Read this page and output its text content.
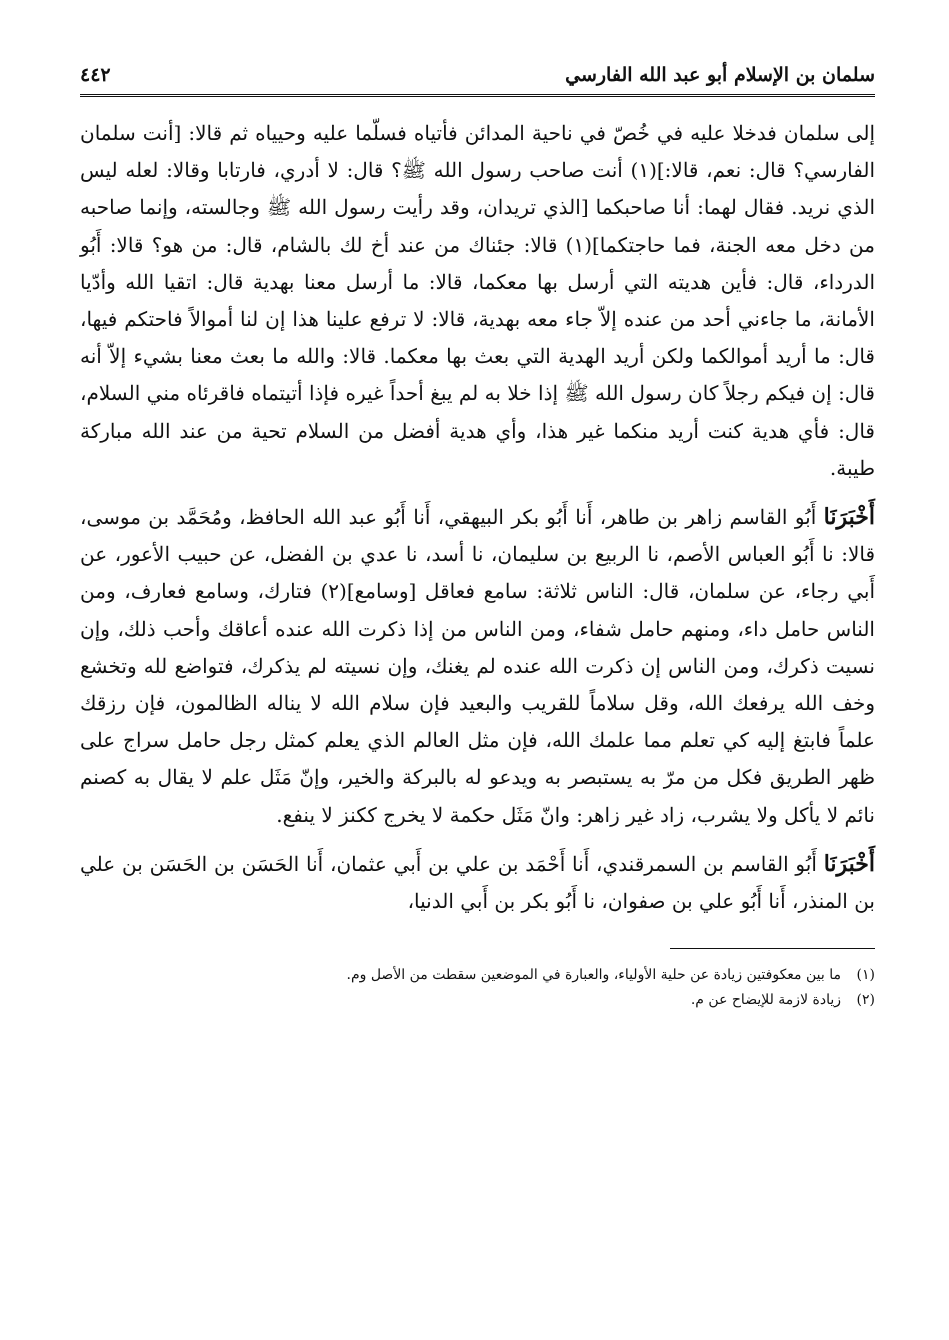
سلمان بن الإسلام أبو عبد الله الفارسي
٤٤٢

إلى سلمان فدخلا عليه في خُصّ في ناحية المدائن فأتياه فسلّما عليه وحيياه ثم قالا: [أنت سلمان الفارسي؟ قال: نعم، قالا:](١) أنت صاحب رسول الله ﷺ؟ قال: لا أدري، فارتابا وقالا: لعله ليس الذي نريد. فقال لهما: أنا صاحبكما [الذي تريدان، وقد رأيت رسول الله ﷺ وجالسته، وإنما صاحبه من دخل معه الجنة، فما حاجتكما](١) قالا: جئناك من عند أخ لك بالشام، قال: من هو؟ قالا: أَبُو الدرداء، قال: فأين هديته التي أرسل بها معكما، قالا: ما أرسل معنا بهدية قال: اتقيا الله وأدّيا الأمانة، ما جاءني أحد من عنده إلاّ جاء معه بهدية، قالا: لا ترفع علينا هذا إن لنا أموالاً فاحتكم فيها، قال: ما أريد أموالكما ولكن أريد الهدية التي بعث بها معكما. قالا: والله ما بعث معنا بشيء إلاّ أنه قال: إن فيكم رجلاً كان رسول الله ﷺ إذا خلا به لم يبغ أحداً غيره فإذا أتيتماه فاقرئاه مني السلام، قال: فأي هدية كنت أريد منكما غير هذا، وأي هدية أفضل من السلام تحية من عند الله مباركة طيبة.

أَخْبَرَنَا أَبُو القاسم زاهر بن طاهر، أَنا أَبُو بكر البيهقي، أَنا أَبُو عبد الله الحافظ، ومُحَمَّد بن موسى، قالا: نا أَبُو العباس الأصم، نا الربيع بن سليمان، نا أسد، نا عدي بن الفضل، عن حبيب الأعور، عن أَبي رجاء، عن سلمان، قال: الناس ثلاثة: سامع فعاقل [وسامع](٢) فتارك، وسامع فعارف، ومن الناس حامل داء، ومنهم حامل شفاء، ومن الناس من إذا ذكرت الله عنده أعاقك وأحب ذلك، وإن نسيت ذكرك، ومن الناس إن ذكرت الله عنده لم يغنك، وإن نسيته لم يذكرك، فتواضع لله وتخشع وخف الله يرفعك الله، وقل سلاماً للقريب والبعيد فإن سلام الله لا يناله الظالمون، فإن رزقك علماً فابتغ إليه كي تعلم مما علمك الله، فإن مثل العالم الذي يعلم كمثل رجل حامل سراج على ظهر الطريق فكل من مرّ به يستبصر به ويدعو له بالبركة والخير، وإنّ مَثَل علم لا يقال به كصنم نائم لا يأكل ولا يشرب، زاد غير زاهر: وانّ مَثَل حكمة لا يخرج ككنز لا ينفع.

أَخْبَرَنَا أَبُو القاسم بن السمرقندي، أَنا أَحْمَد بن علي بن أَبي عثمان، أَنا الحَسَن بن الحَسَن بن علي بن المنذر، أَنا أَبُو علي بن صفوان، نا أَبُو بكر بن أَبي الدنيا،

(١)
ما بين معكوفتين زيادة عن حلية الأولياء، والعبارة في الموضعين سقطت من الأصل وم.
(٢)
زيادة لازمة للإيضاح عن م.
